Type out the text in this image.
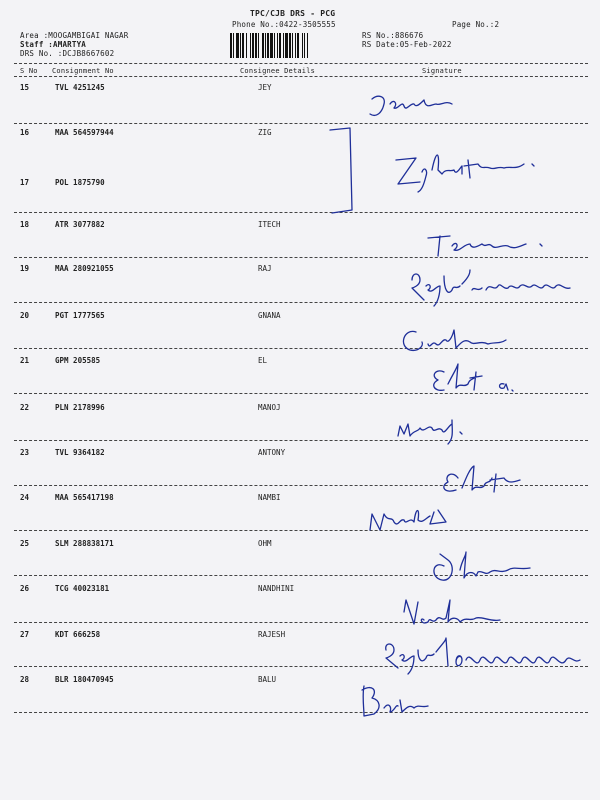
TPC/CJB DRS - PCG
Phone No.:0422-3505555	Page No.:2
Area :MOOGAMBIGAI NAGAR
Staff :AMARTYA
DRS No. :DCJB8667602
RS No.:886676
RS Date:05-Feb-2022
S No Consignment No	Consignee Details	Signature
15	TVL 4251245	JEY
16	MAA 564597944	ZIG
17	POL 1875790
18	ATR 3077882	ITECH
19	MAA 280921055	RAJ
20	PGT 1777565	GNANA
21	GPM 205585	EL
22	PLN 2178996	MANOJ
23	TVL 9364182	ANTONY
24	MAA 565417198	NAMBI
25	SLM 288838171	OHM
26	TCG 40023181	NANDHINI
27	KDT 666258	RAJESH
28	BLR 180470945	BALU
